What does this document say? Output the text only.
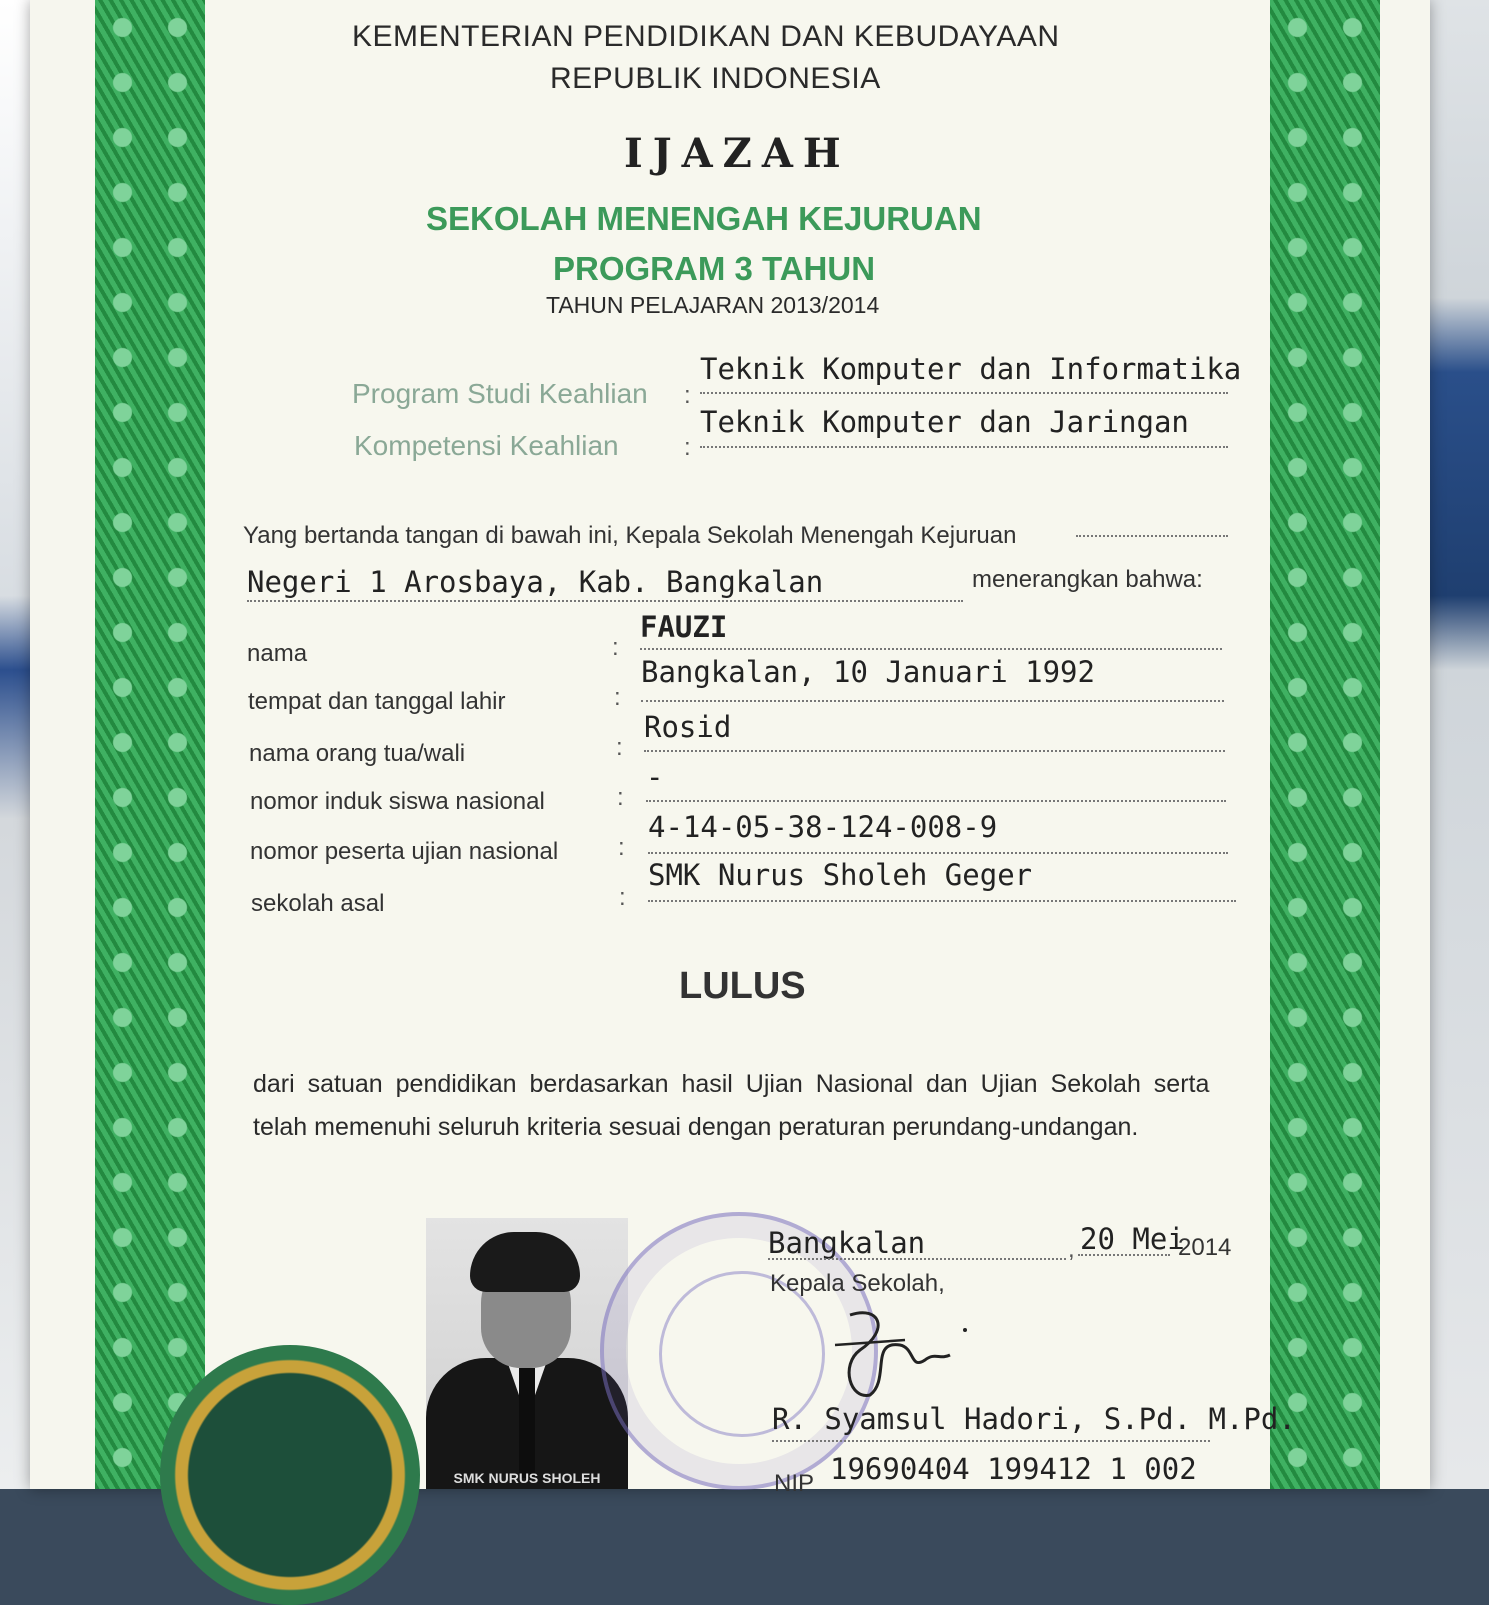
KEMENTERIAN PENDIDIKAN DAN KEBUDAYAAN
REPUBLIK INDONESIA
IJAZAH
SEKOLAH MENENGAH KEJURUAN
PROGRAM 3 TAHUN
TAHUN PELAJARAN 2013/2014
Program Studi Keahlian :
Teknik Komputer dan Informatika
Kompetensi Keahlian	:
Teknik Komputer dan Jaringan
Yang bertanda tangan di bawah ini, Kepala Sekolah Menengah Kejuruan
Negeri 1 Arosbaya, Kab. Bangkalan	menerangkan bahwa:
nama	:
FAUZI
tempat dan tanggal lahir	:
Bangkalan, 10 Januari 1992
nama orang tua/wali	:
Rosid
nomor induk siswa nasional	:
-
nomor peserta ujian nasional :
4-14-05-38-124-008-9
sekolah asal	:
SMK Nurus Sholeh Geger
LULUS
dari satuan pendidikan berdasarkan hasil Ujian Nasional dan Ujian Sekolah serta
telah memenuhi seluruh kriteria sesuai dengan peraturan perundang-undangan.
SMK NURUS SHOLEH
Bangkalan	, 20 Mei
2014
Kepala Sekolah,
R. Syamsul Hadori, S.Pd. M.Pd.
NIP 19690404 199412 1 002
